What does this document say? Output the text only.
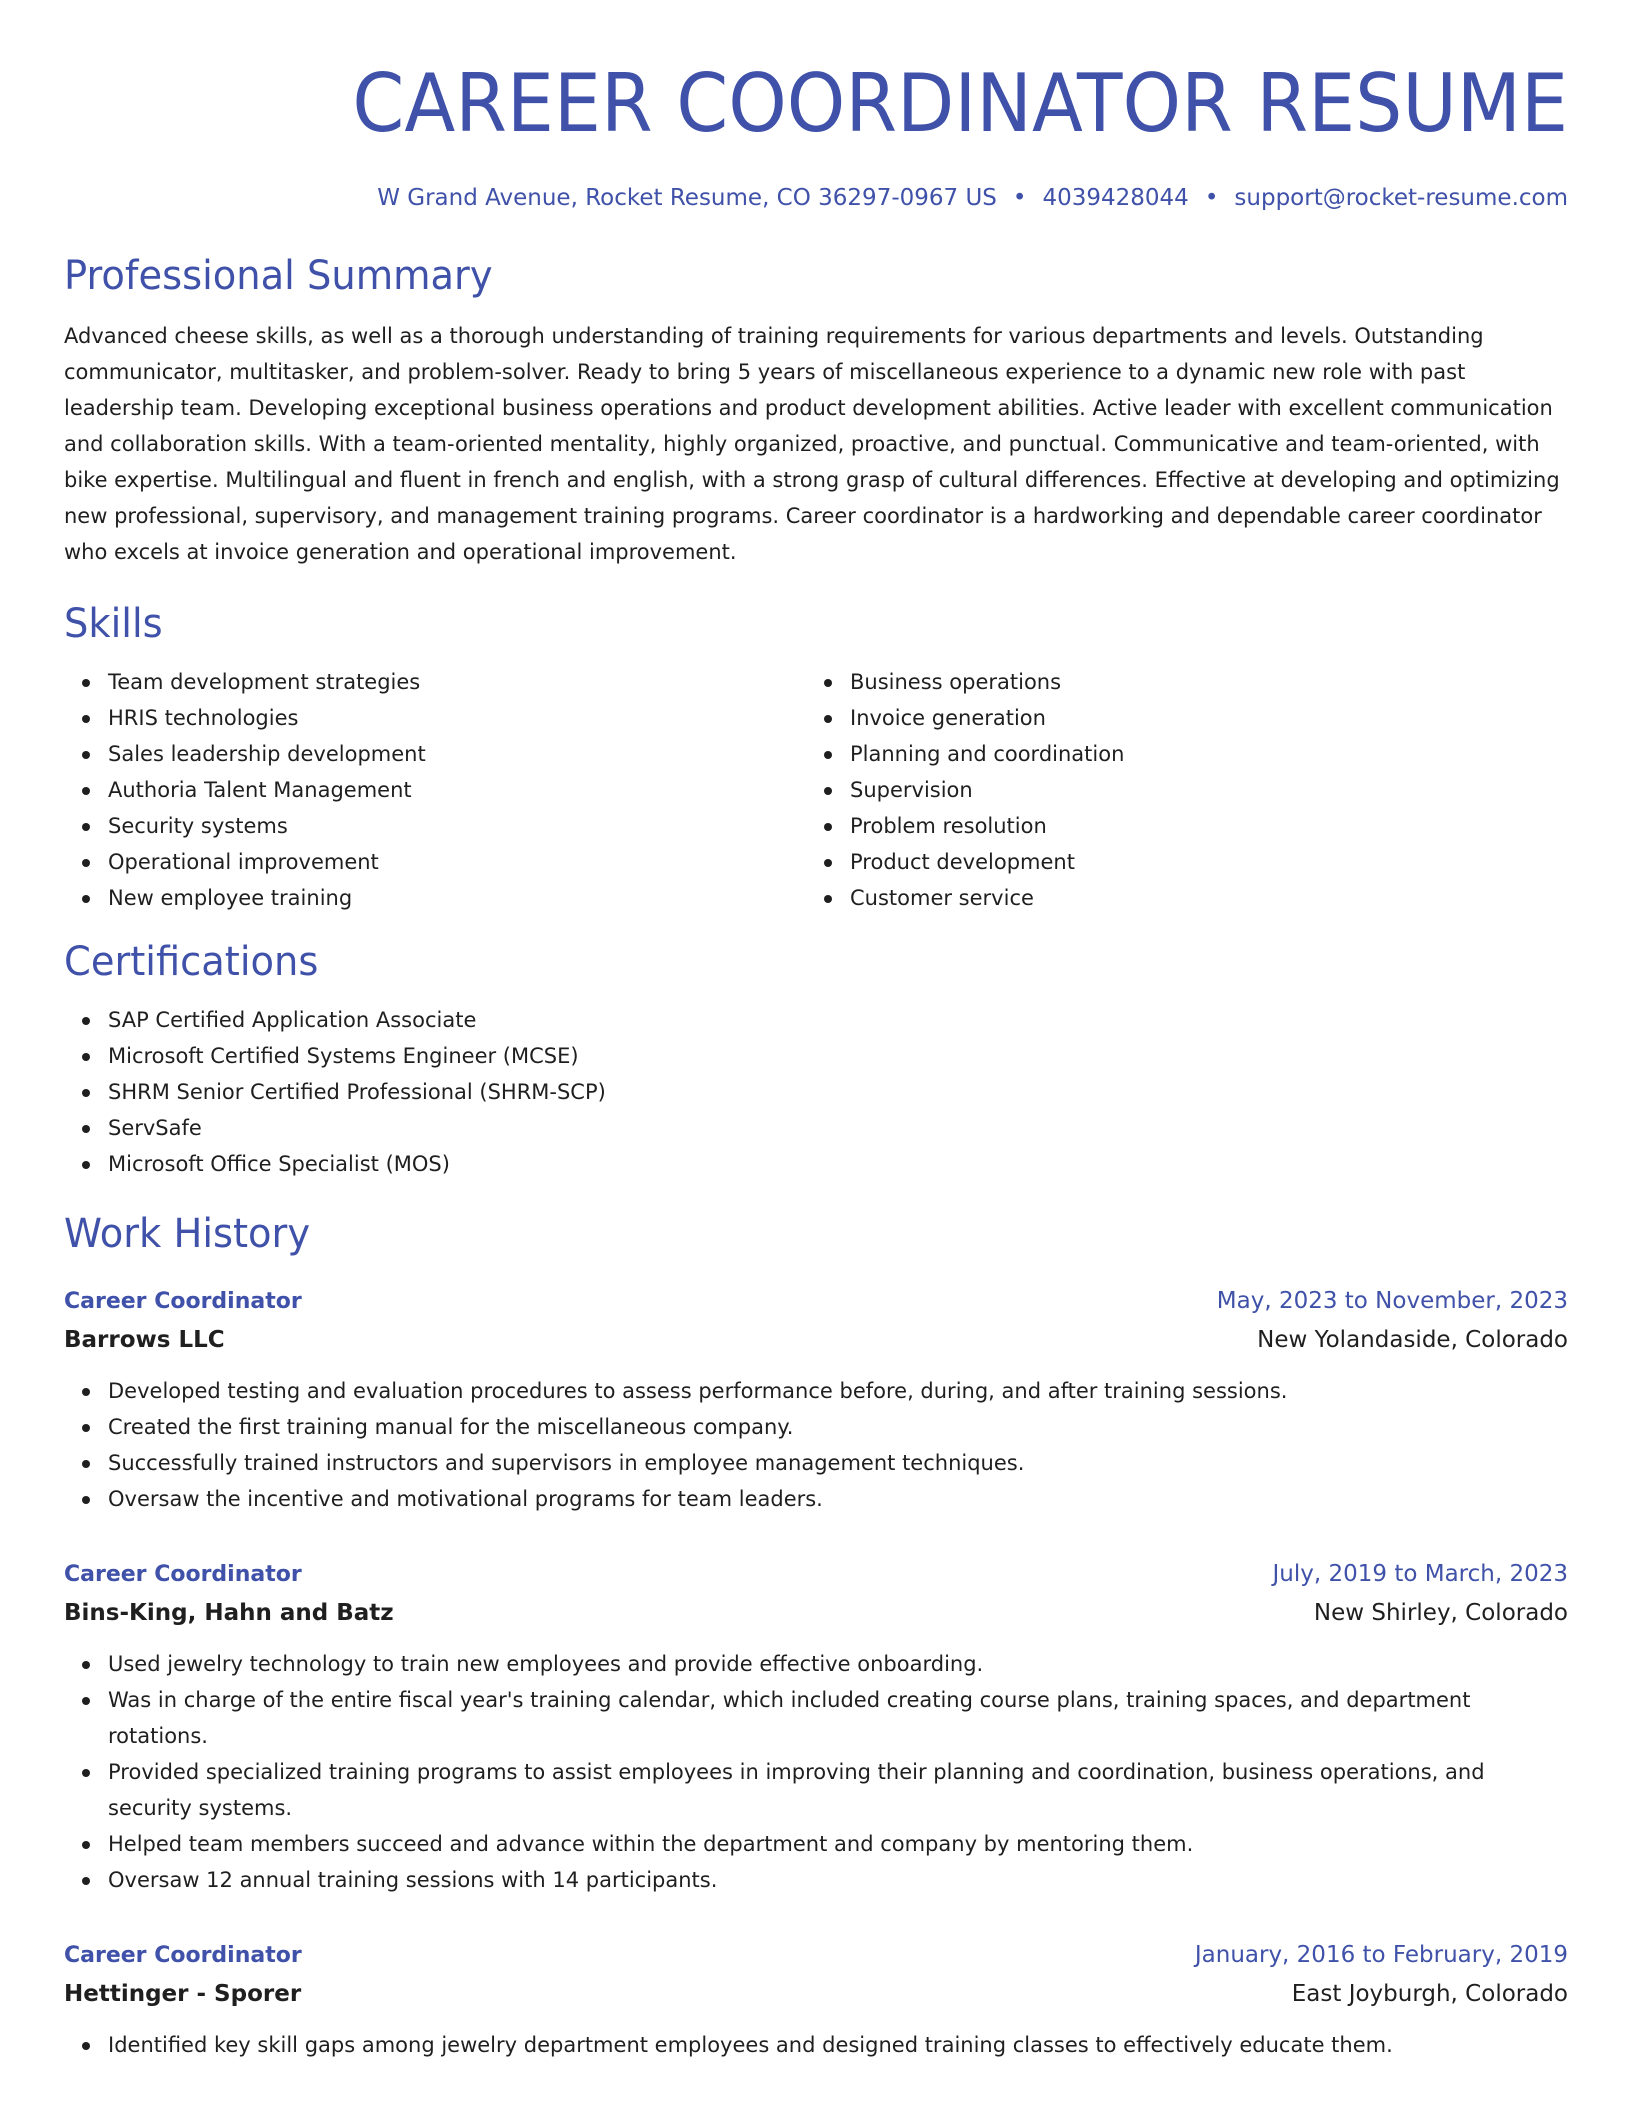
CAREER COORDINATOR RESUME
W Grand Avenue, Rocket Resume, CO 36297-0967 US • 4039428044 • support@rocket-resume.com
Professional Summary

Advanced cheese skills, as well as a thorough understanding of training requirements for various departments and levels. Outstanding communicator, multitasker, and problem-solver. Ready to bring 5 years of miscellaneous experience to a dynamic new role with past leadership team. Developing exceptional business operations and product development abilities. Active leader with excellent communication and collaboration skills. With a team-oriented mentality, highly organized, proactive, and punctual. Communicative and team-oriented, with bike expertise. Multilingual and fluent in french and english, with a strong grasp of cultural differences. Effective at developing and optimizing new professional, supervisory, and management training programs. Career coordinator is a hardworking and dependable career coordinator who excels at invoice generation and operational improvement.

Skills
Team development strategies
HRIS technologies
Sales leadership development
Authoria Talent Management
Security systems
Operational improvement
New employee training
Business operations
Invoice generation
Planning and coordination
Supervision
Problem resolution
Product development
Customer service
Certifications
SAP Certified Application Associate
Microsoft Certified Systems Engineer (MCSE)
SHRM Senior Certified Professional (SHRM-SCP)
ServSafe
Microsoft Office Specialist (MOS)
Work History
Career Coordinator	May, 2023 to November, 2023
Barrows LLC	New Yolandaside, Colorado
Developed testing and evaluation procedures to assess performance before, during, and after training sessions.
Created the first training manual for the miscellaneous company.
Successfully trained instructors and supervisors in employee management techniques.
Oversaw the incentive and motivational programs for team leaders.
Career Coordinator	July, 2019 to March, 2023
Bins-King, Hahn and Batz	New Shirley, Colorado
Used jewelry technology to train new employees and provide effective onboarding.
Was in charge of the entire fiscal year's training calendar, which included creating course plans, training spaces, and department rotations.
Provided specialized training programs to assist employees in improving their planning and coordination, business operations, and security systems.
Helped team members succeed and advance within the department and company by mentoring them.
Oversaw 12 annual training sessions with 14 participants.
Career Coordinator	January, 2016 to February, 2019
Hettinger - Sporer	East Joyburgh, Colorado
Identified key skill gaps among jewelry department employees and designed training classes to effectively educate them.
